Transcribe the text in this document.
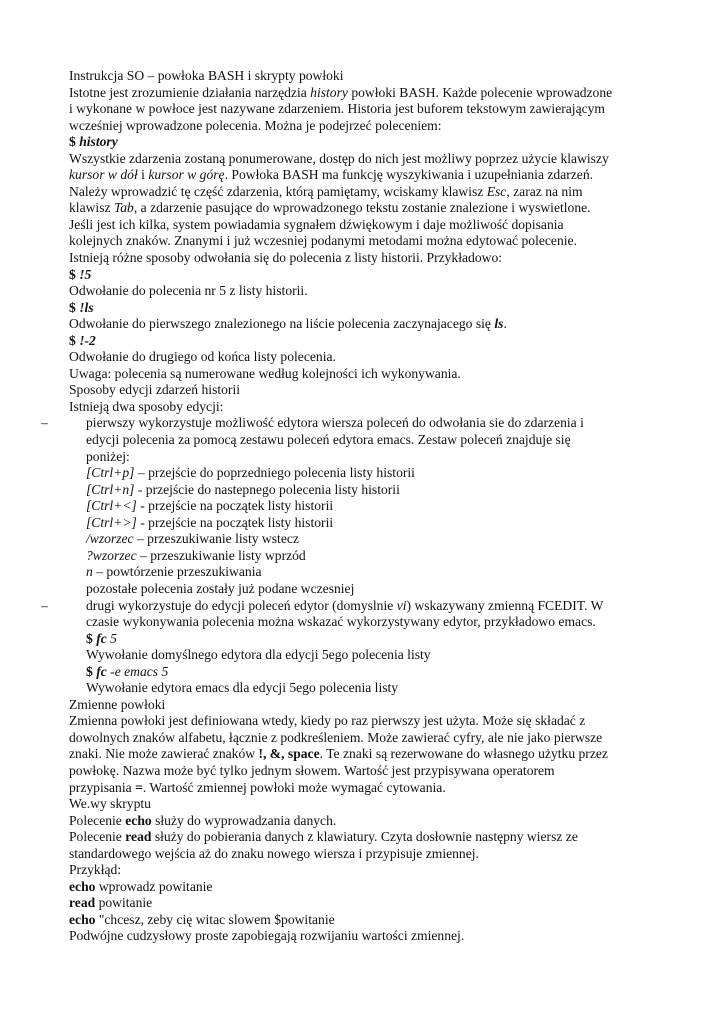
Instrukcja SO – powłoka BASH i skrypty powłoki
Istotne jest zrozumienie działania narzędzia history powłoki BASH. Każde polecenie wprowadzone
i wykonane w powłoce jest nazywane zdarzeniem. Historia jest buforem tekstowym zawierającym
wcześniej wprowadzone polecenia. Można je podejrzeć poleceniem:
$ history
Wszystkie zdarzenia zostaną ponumerowane, dostęp do nich jest możliwy poprzez użycie klawiszy
kursor w dół i kursor w górę. Powłoka BASH ma funkcję wyszykiwania i uzupełniania zdarzeń.
Należy wprowadzić tę część zdarzenia, którą pamiętamy, wciskamy klawisz Esc, zaraz na nim
klawisz Tab, a zdarzenie pasujące do wprowadzonego tekstu zostanie znalezione i wyswietlone.
Jeśli jest ich kilka, system powiadamia sygnałem dźwiękowym i daje możliwość dopisania
kolejnych znaków. Znanymi i już wczesniej podanymi metodami można edytować polecenie.
Istnieją różne sposoby odwołania się do polecenia z listy historii. Przykładowo:
$ !5
Odwołanie do polecenia nr 5 z listy historii.
$ !ls
Odwołanie do pierwszego znalezionego na liście polecenia zaczynajacego się ls.
$ !-2
Odwołanie do drugiego od końca listy polecenia.
Uwaga: polecenia są numerowane według kolejności ich wykonywania.
Sposoby edycji zdarzeń historii
Istnieją dwa sposoby edycji:
–	pierwszy wykorzystuje możliwość edytora wiersza poleceń do odwołania sie do zdarzenia i
edycji polecenia za pomocą zestawu poleceń edytora emacs. Zestaw poleceń znajduje się
poniżej:
[Ctrl+p] – przejście do poprzedniego polecenia listy historii
[Ctrl+n] - przejście do nastepnego polecenia listy historii
[Ctrl+<] - przejście na początek listy historii
[Ctrl+>] - przejście na początek listy historii
/wzorzec – przeszukiwanie listy wstecz
?wzorzec – przeszukiwanie listy wprzód
n – powtórzenie przeszukiwania
pozostałe polecenia zostały już podane wczesniej
–	drugi wykorzystuje do edycji poleceń edytor (domyslnie vi) wskazywany zmienną FCEDIT. W
czasie wykonywania polecenia można wskazać wykorzystywany edytor, przykładowo emacs.
$ fc 5
Wywołanie domyślnego edytora dla edycji 5ego polecenia listy
$ fc -e emacs 5
Wywołanie edytora emacs dla edycji 5ego polecenia listy
Zmienne powłoki
Zmienna powłoki jest definiowana wtedy, kiedy po raz pierwszy jest użyta. Może się składać z
dowolnych znaków alfabetu, łącznie z podkreśleniem. Może zawierać cyfry, ale nie jako pierwsze
znaki. Nie może zawierać znaków !, &, space. Te znaki są rezerwowane do własnego użytku przez
powłokę. Nazwa może być tylko jednym słowem. Wartość jest przypisywana operatorem
przypisania =. Wartość zmiennej powłoki może wymagać cytowania.
We.wy skryptu
Polecenie echo służy do wyprowadzania danych.
Polecenie read służy do pobierania danych z klawiatury. Czyta dosłownie następny wiersz ze
standardowego wejścia aż do znaku nowego wiersza i przypisuje zmiennej.
Przykłąd:
echo wprowadz powitanie
read powitanie
echo "chcesz, zeby cię witac slowem $powitanie
Podwójne cudzysłowy proste zapobiegają rozwijaniu wartości zmiennej.
